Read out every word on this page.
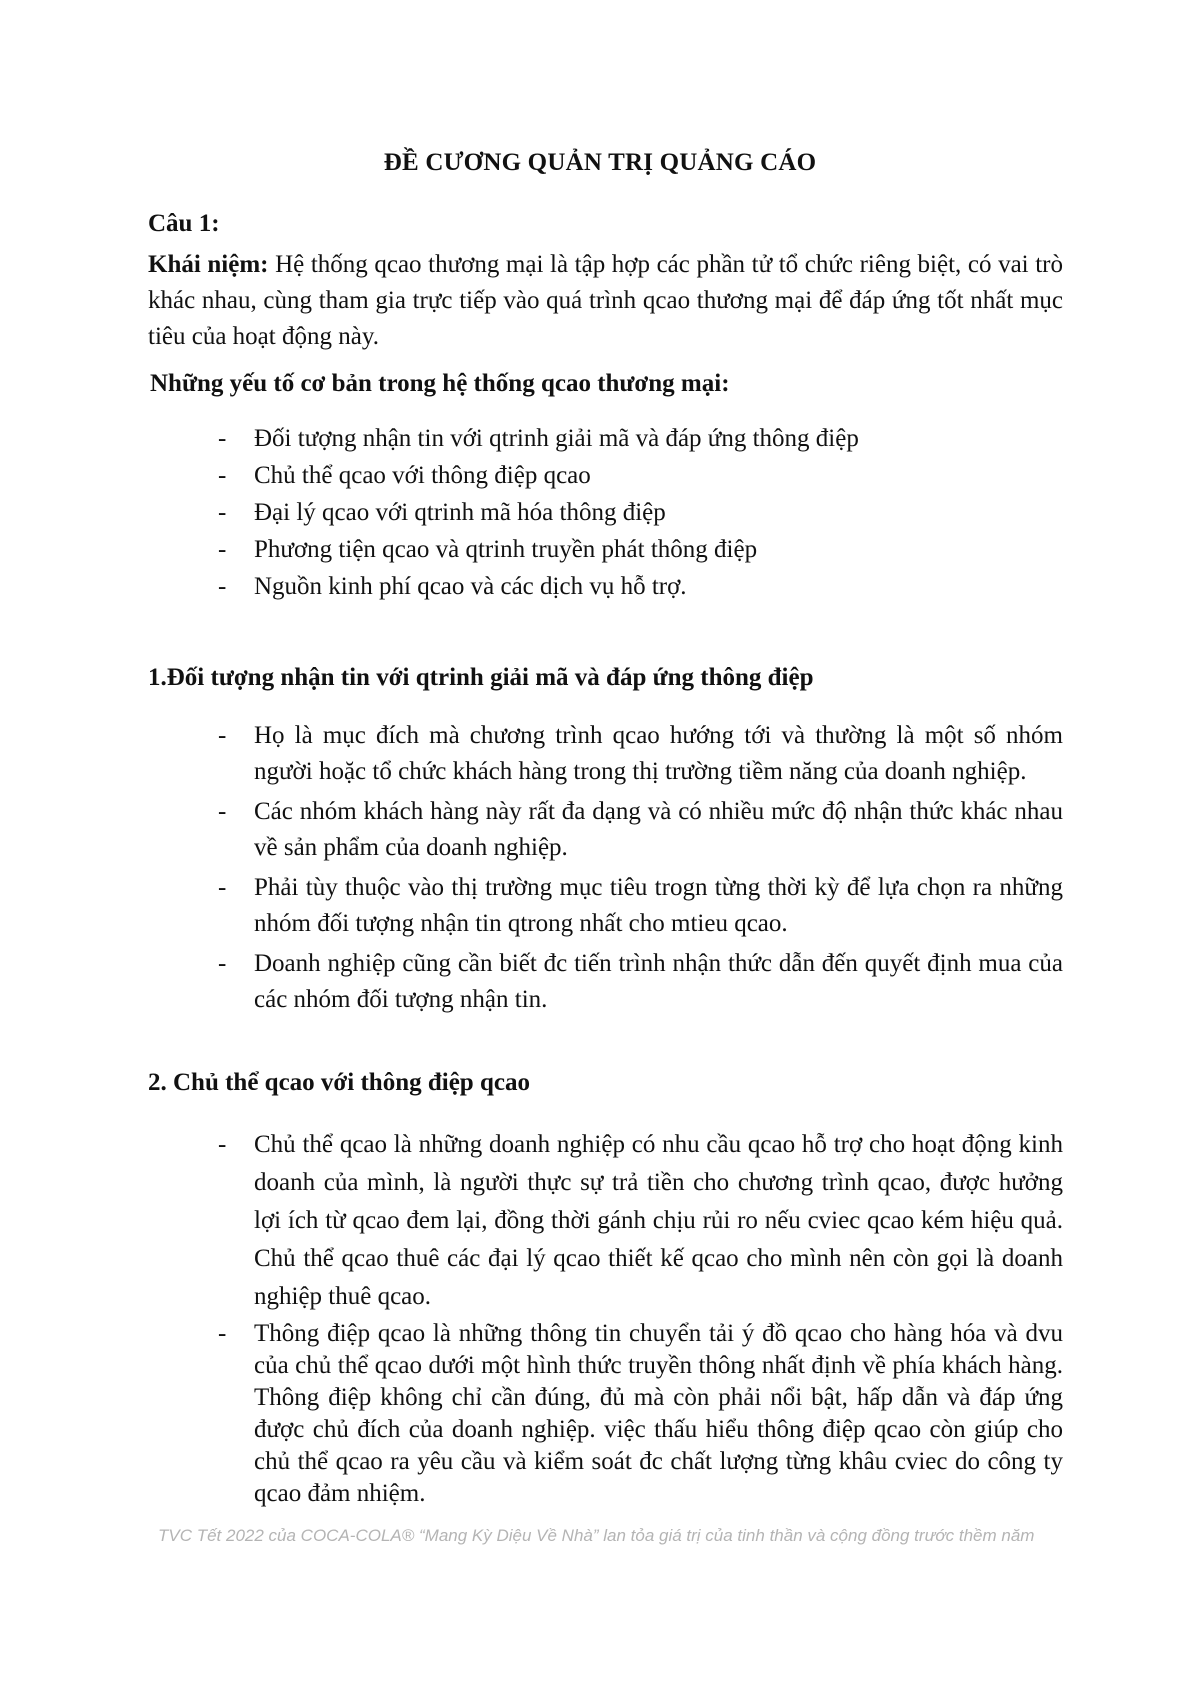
ĐỀ CƯƠNG QUẢN TRỊ QUẢNG CÁO
Câu 1:
Khái niệm: Hệ thống qcao thương mại là tập hợp các phần tử tổ chức riêng biệt, có vai trò khác nhau, cùng tham gia trực tiếp vào quá trình qcao thương mại để đáp ứng tốt nhất mục tiêu của hoạt động này.
Những yếu tố cơ bản trong hệ thống qcao thương mại:
- Đối tượng nhận tin với qtrinh giải mã và đáp ứng thông điệp
- Chủ thể qcao với thông điệp qcao
- Đại lý qcao với qtrinh mã hóa thông điệp
- Phương tiện qcao và qtrinh truyền phát thông điệp
- Nguồn kinh phí qcao và các dịch vụ hỗ trợ.
1.Đối tượng nhận tin với qtrinh giải mã và đáp ứng thông điệp
- Họ là mục đích mà chương trình qcao hướng tới và thường là một số nhóm người hoặc tổ chức khách hàng trong thị trường tiềm năng của doanh nghiệp.
- Các nhóm khách hàng này rất đa dạng và có nhiều mức độ nhận thức khác nhau về sản phẩm của doanh nghiệp.
- Phải tùy thuộc vào thị trường mục tiêu trogn từng thời kỳ để lựa chọn ra những nhóm đối tượng nhận tin qtrong nhất cho mtieu qcao.
- Doanh nghiệp cũng cần biết đc tiến trình nhận thức dẫn đến quyết định mua của các nhóm đối tượng nhận tin.
2. Chủ thể qcao với thông điệp qcao
- Chủ thể qcao là những doanh nghiệp có nhu cầu qcao hỗ trợ cho hoạt động kinh doanh của mình, là người thực sự trả tiền cho chương trình qcao, được hưởng lợi ích từ qcao đem lại, đồng thời gánh chịu rủi ro nếu cviec qcao kém hiệu quả. Chủ thể qcao thuê các đại lý qcao thiết kế qcao cho mình nên còn gọi là doanh nghiệp thuê qcao.
- Thông điệp qcao là những thông tin chuyển tải ý đồ qcao cho hàng hóa và dvu của chủ thể qcao dưới một hình thức truyền thông nhất định về phía khách hàng. Thông điệp không chỉ cần đúng, đủ mà còn phải nổi bật, hấp dẫn và đáp ứng được chủ đích của doanh nghiệp. việc thấu hiểu thông điệp qcao còn giúp cho chủ thể qcao ra yêu cầu và kiểm soát đc chất lượng từng khâu cviec do công ty qcao đảm nhiệm.
TVC Tết 2022 của COCA-COLA® “Mang Kỳ Diệu Về Nhà” lan tỏa giá trị của tinh thần và cộng đồng trước thềm năm
